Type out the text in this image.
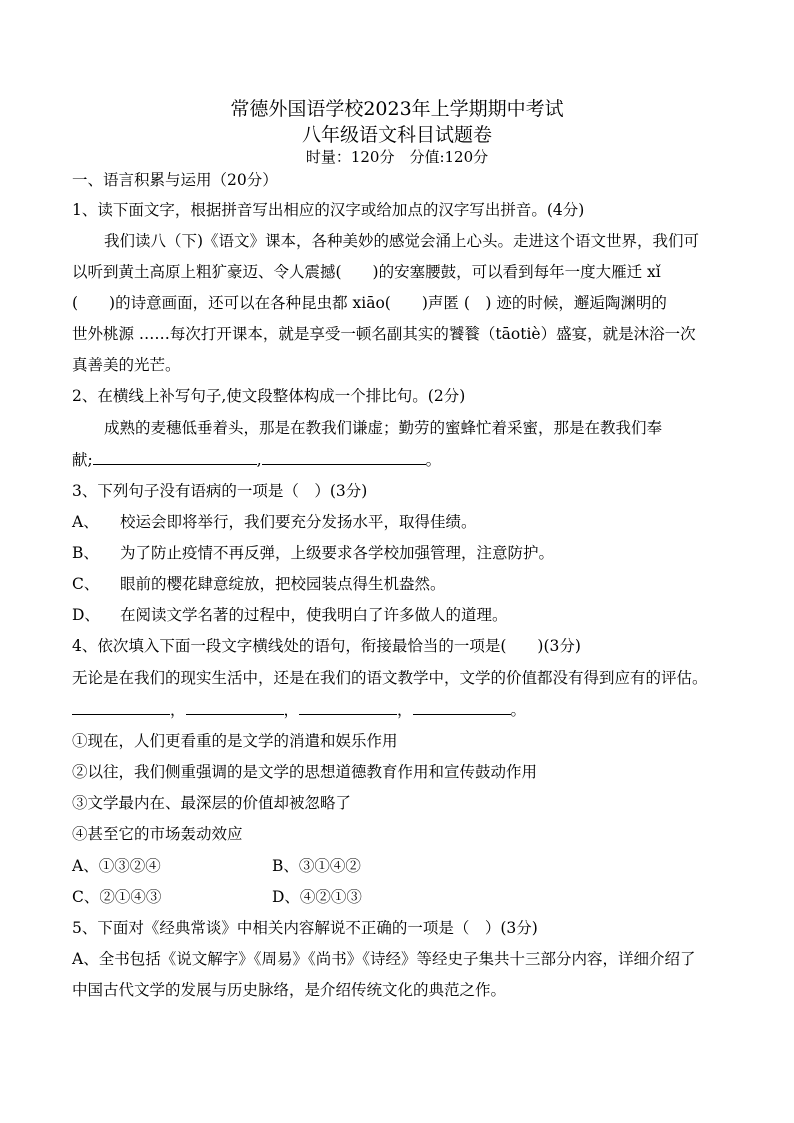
常德外国语学校2023年上学期期中考试
八年级语文科目试题卷
时量：120分　分值:120分
一、语言积累与运用（20分）
1、读下面文字，根据拼音写出相应的汉字或给加点的汉字写出拼音。(4分)
我们读八（下)《语文》课本，各种美妙的感觉会涌上心头。走进这个语文世界，我们可
以听到黄土高原上粗犷豪迈、令人震撼(　　)的安塞腰鼓，可以看到每年一度大雁迁 xǐ
(　　)的诗意画面，还可以在各种昆虫都 xiāo(　　)声匿 (　) 迹的时候，邂逅陶渊明的
世外桃源 ……每次打开课本，就是享受一顿名副其实的饕餮（tāotiè）盛宴，就是沐浴一次
真善美的光芒。
2、在横线上补写句子,使文段整体构成一个排比句。(2分)
成熟的麦穗低垂着头，那是在教我们谦虚；勤劳的蜜蜂忙着采蜜，那是在教我们奉
献;	,	。
3、下列句子没有语病的一项是（　）(3分)
A、 校运会即将举行，我们要充分发扬水平，取得佳绩。
B、 为了防止疫情不再反弹，上级要求各学校加强管理，注意防护。
C、 眼前的樱花肆意绽放，把校园装点得生机盎然。
D、 在阅读文学名著的过程中，使我明白了许多做人的道理。
4、依次填入下面一段文字横线处的语句，衔接最恰当的一项是(　　)(3分)
无论是在我们的现实生活中，还是在我们的语文教学中，文学的价值都没有得到应有的评估。
，	，	，	。
①现在，人们更看重的是文学的消遣和娱乐作用
②以往，我们侧重强调的是文学的思想道德教育作用和宣传鼓动作用
③文学最内在、最深层的价值却被忽略了
④甚至它的市场轰动效应
A、①③②④	B、③①④②
C、②①④③	D、④②①③
5、下面对《经典常谈》中相关内容解说不正确的一项是（　）(3分)
A、全书包括《说文解字》《周易》《尚书》《诗经》等经史子集共十三部分内容，详细介绍了
中国古代文学的发展与历史脉络，是介绍传统文化的典范之作。
